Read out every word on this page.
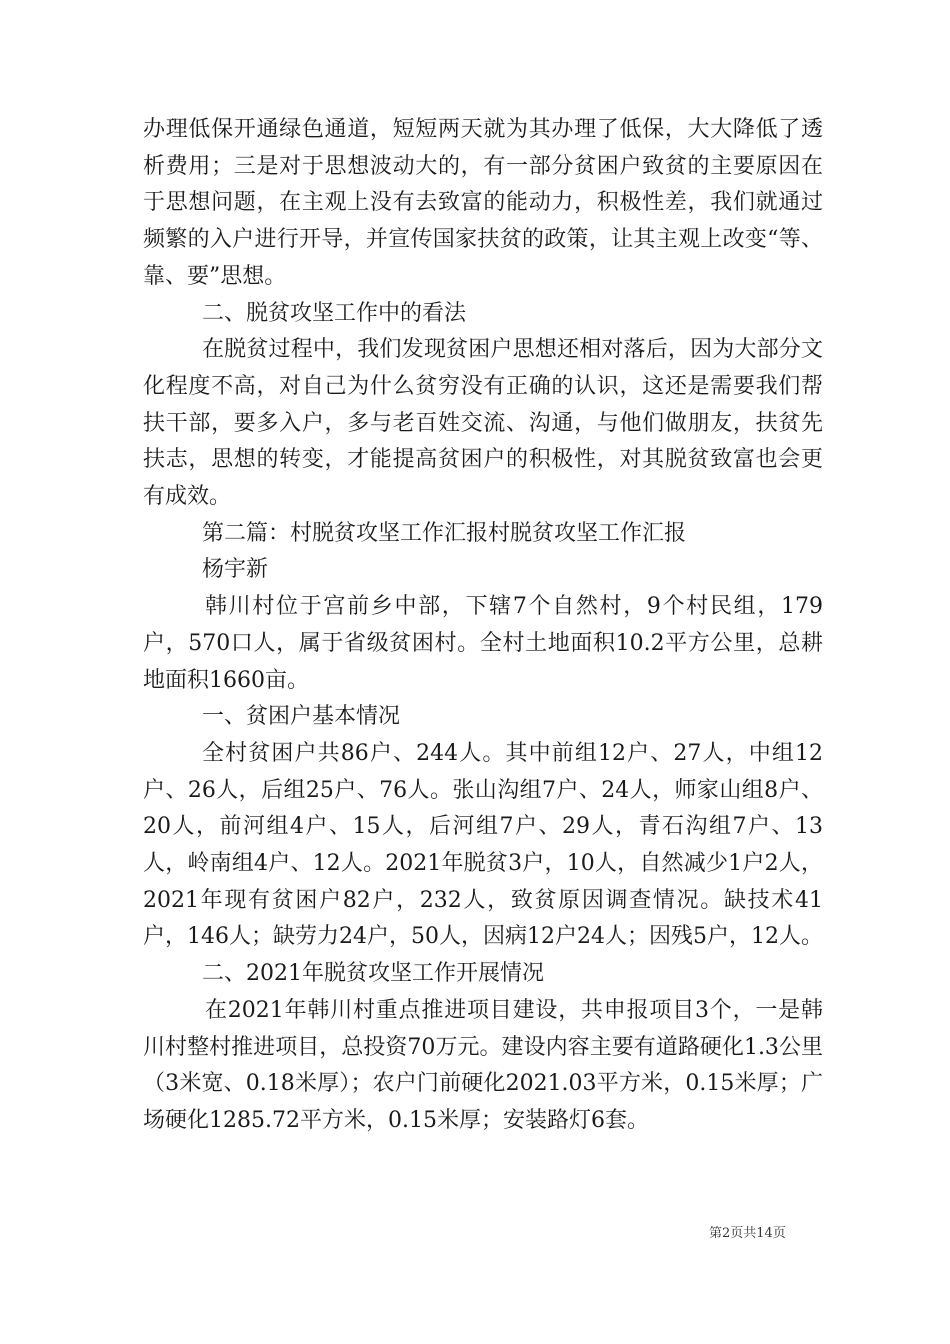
办理低保开通绿色通道，短短两天就为其办理了低保，大大降低了透析费用；三是对于思想波动大的，有一部分贫困户致贫的主要原因在于思想问题，在主观上没有去致富的能动力，积极性差，我们就通过频繁的入户进行开导，并宣传国家扶贫的政策，让其主观上改变“等、靠、要”思想。

二、脱贫攻坚工作中的看法

在脱贫过程中，我们发现贫困户思想还相对落后，因为大部分文化程度不高，对自己为什么贫穷没有正确的认识，这还是需要我们帮扶干部，要多入户，多与老百姓交流、沟通，与他们做朋友，扶贫先扶志，思想的转变，才能提高贫困户的积极性，对其脱贫致富也会更有成效。

第二篇：村脱贫攻坚工作汇报村脱贫攻坚工作汇报

杨宇新

韩川村位于宫前乡中部，下辖7个自然村，9个村民组，179户，570口人，属于省级贫困村。全村土地面积10.2平方公里，总耕地面积1660亩。

一、贫困户基本情况

全村贫困户共86户、244人。其中前组12户、27人，中组12户、26人，后组25户、76人。张山沟组7户、24人，师家山组8户、20人，前河组4户、15人，后河组7户、29人，青石沟组7户、13人，岭南组4户、12人。2021年脱贫3户，10人，自然减少1户2人，2021年现有贫困户82户，232人，致贫原因调查情况。缺技术41户，146人；缺劳力24户，50人，因病12户24人；因残5户，12人。

二、2021年脱贫攻坚工作开展情况

在2021年韩川村重点推进项目建设，共申报项目3个，一是韩川村整村推进项目，总投资70万元。建设内容主要有道路硬化1.3公里（3米宽、0.18米厚）；农户门前硬化2021.03平方米，0.15米厚；广场硬化1285.72平方米，0.15米厚；安装路灯6套。

第2页共14页
